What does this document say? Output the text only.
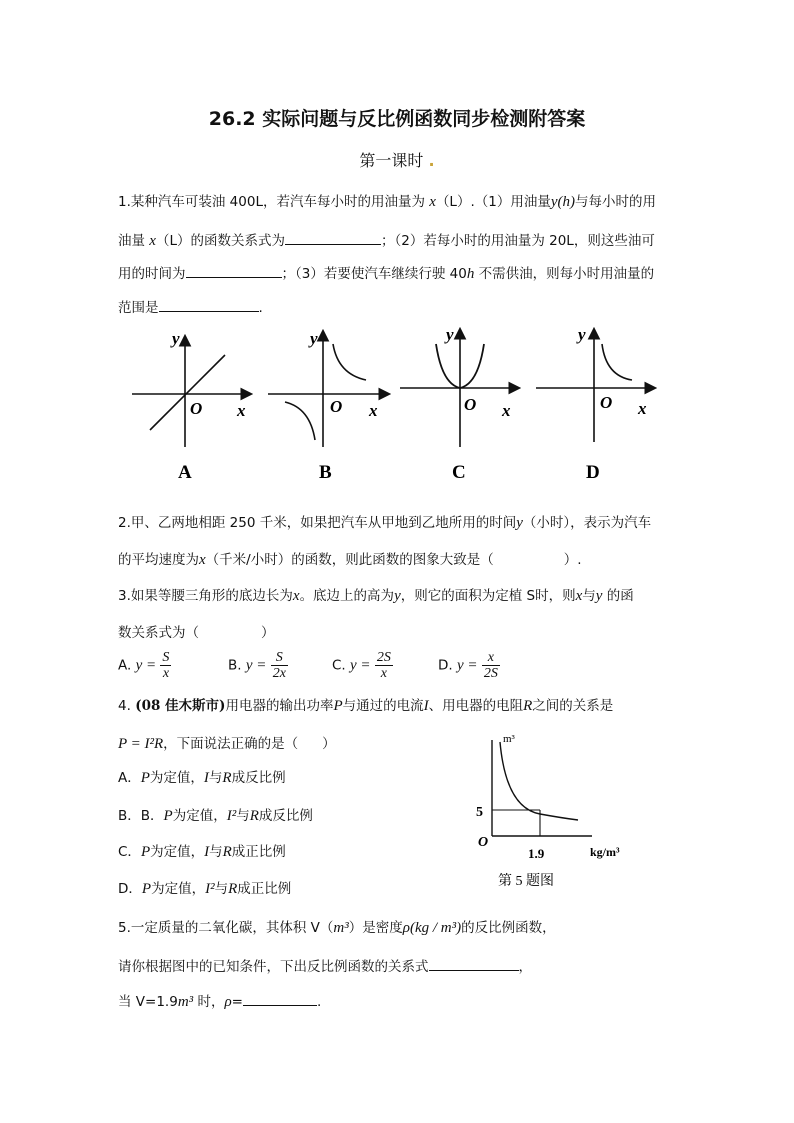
26.2 实际问题与反比例函数同步检测附答案
第一课时 .
1.某种汽车可装油 400L，若汽车每小时的用油量为 x（L）.（1）用油量y(h)与每小时的用
油量 x（L）的函数关系式为	；（2）若每小时的用油量为 20L，则这些油可
用的时间为	；（3）若要使汽车继续行驶 40h 不需供油，则每小时用油量的
范围是	.
y
O x
A
y
O x
B
y
O x
C
y
O x
D
2.甲、乙两地相距 250 千米，如果把汽车从甲地到乙地所用的时间y（小时），表示为汽车
的平均速度为x（千米/小时）的函数，则此函数的图象大致是（	）.
3.如果等腰三角形的底边长为x。底边上的高为y，则它的面积为定植 S时，则x与y 的函
数关系式为（	）
A. $y = \frac{S}{x}$	B. $y = \frac{S}{2x}$	C. $y = \frac{2S}{x}$	D. $y = \frac{x}{2S}$
4. (08 佳木斯市)用电器的输出功率P与通过的电流I、用电器的电阻R之间的关系是
P = I²R，下面说法正确的是（ ）
A．P为定值，I与R成反比例
B．B．P为定值，I²与R成反比例
C．P为定值，I与R成正比例
D．P为定值，I²与R成正比例
m³
5
O
1.9	kg/m³
第 5 题图
5.一定质量的二氧化碳，其体积 V（m³）是密度ρ(kg / m³)的反比例函数，
请你根据图中的已知条件，下出反比例函数的关系式	，
当 V=1.9m³ 时，ρ=	.
